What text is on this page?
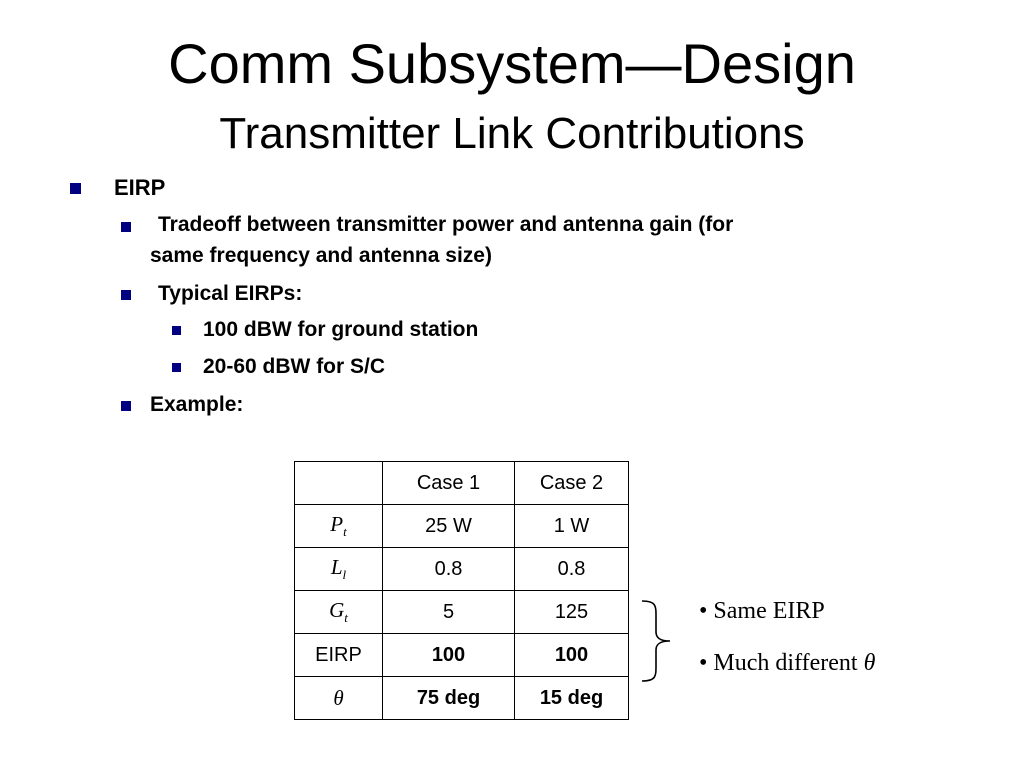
Comm Subsystem—Design
Transmitter Link Contributions
EIRP
Tradeoff between transmitter power and antenna gain (for
same frequency and antenna size)
Typical EIRPs:
100 dBW for ground station
20-60 dBW for S/C
Example:
	Case 1	Case 2
$P_t$	25 W	1 W
$L_l$	0.8	0.8
$G_t$	5	125
EIRP	100	100
θ	75 deg	15 deg
• Same EIRP
• Much different θ
